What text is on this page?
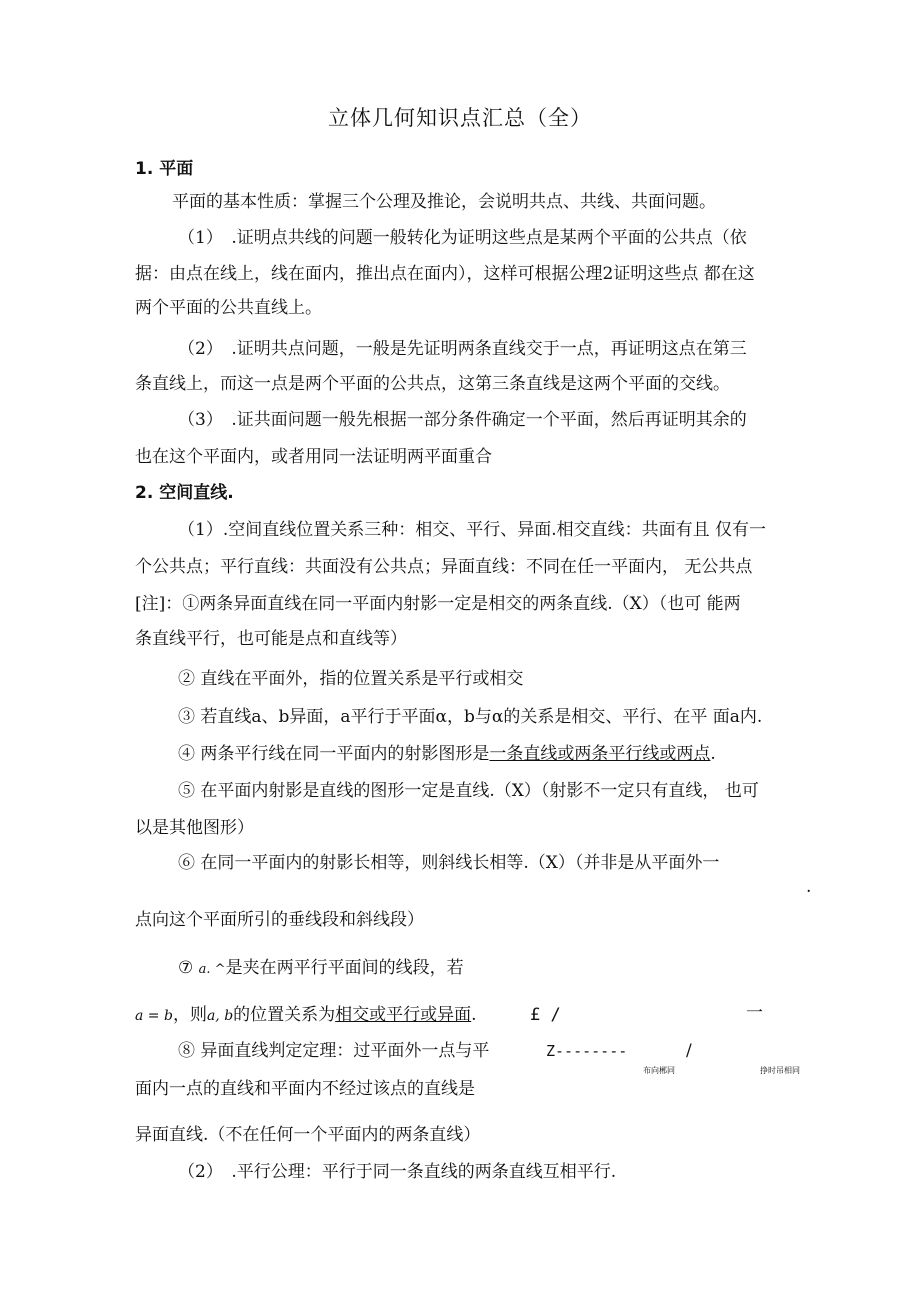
立体几何知识点汇总（全）
1. 平面
平面的基本性质：掌握三个公理及推论，会说明共点、共线、共面问题。
（1）　.证明点共线的问题一般转化为证明这些点是某两个平面的公共点（依
据：由点在线上，线在面内，推出点在面内），这样可根据公理2证明这些点 都在这
两个平面的公共直线上。
（2）　.证明共点问题，一般是先证明两条直线交于一点，再证明这点在第三
条直线上，而这一点是两个平面的公共点，这第三条直线是这两个平面的交线。
（3）　.证共面问题一般先根据一部分条件确定一个平面，然后再证明其余的
也在这个平面内，或者用同一法证明两平面重合
2. 空间直线.
（1）.空间直线位置关系三种：相交、平行、异面.相交直线：共面有且 仅有一
个公共点；平行直线：共面没有公共点；异面直线：不同在任一平面内， 无公共点
[注]：①两条异面直线在同一平面内射影一定是相交的两条直线.（X）（也可 能两
条直线平行，也可能是点和直线等）
② 直线在平面外，指的位置关系是平行或相交
③ 若直线a、b异面，a平行于平面α，b与α的关系是相交、平行、在平 面a内.
④ 两条平行线在同一平面内的射影图形是一条直线或两条平行线或两点.
⑤ 在平面内射影是直线的图形一定是直线.（X）（射影不一定只有直线， 也可
以是其他图形）
⑥ 在同一平面内的射影长相等，则斜线长相等.（X）（并非是从平面外一
.
点向这个平面所引的垂线段和斜线段）
⑦ a. ^是夹在两平行平面间的线段，若
a = b，则a, b的位置关系为相交或平行或异面.	£ /	一
⑧ 异面直线判定定理：过平面外一点与平	Z--------	/
布向郴同	挣时吊相同
面内一点的直线和平面内不经过该点的直线是
异面直线.（不在任何一个平面内的两条直线）
（2）　.平行公理：平行于同一条直线的两条直线互相平行.
